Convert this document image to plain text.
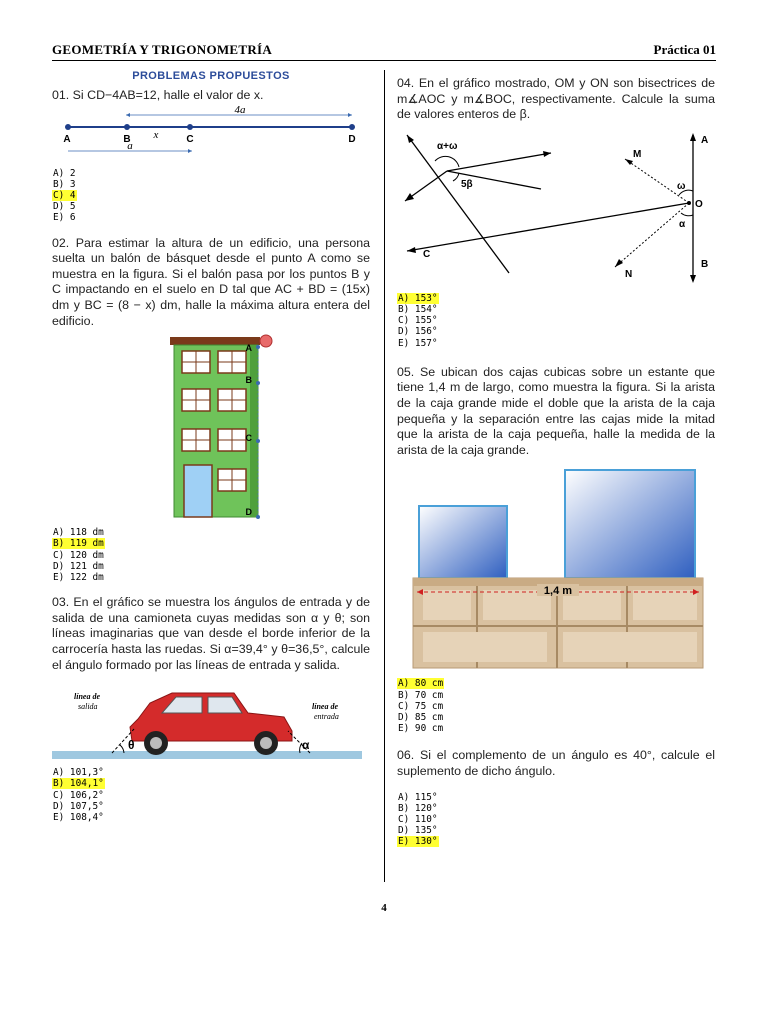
GEOMETRÍA Y TRIGONOMETRÍA	Práctica 01
PROBLEMAS PROPUESTOS

01. Si CD−4AB=12, halle el valor de x.

4a
A	B	C	D
x
a
A) 2
B) 3
C) 4
D) 5
E) 6

02. Para estimar la altura de un edificio, una persona suelta un balón de básquet desde el punto A como se muestra en la figura. Si el balón pasa por los puntos B y C impactando en el suelo en D tal que AC + BD = (15x) dm y BC = (8 − x) dm, halle la máxima altura entera del edificio.

A
B
C
D
A) 118 dm
B) 119 dm
C) 120 dm
D) 121 dm
E) 122 dm

03. En el gráfico se muestra los ángulos de entrada y de salida de una camioneta cuyas medidas son α y θ; son líneas imaginarias que van desde el borde inferior de la carrocería hasta las ruedas. Si α=39,4° y θ=36,5°, calcule el ángulo formado por las líneas de entrada y salida.

línea de
salida	línea de
entrada
θ	α
A) 101,3°
B) 104,1°
C) 106,2°
D) 107,5°
E) 108,4°

04. En el gráfico mostrado, OM y ON son bisectrices de m∡AOC y m∡BOC, respectivamente. Calcule la suma de valores enteros de β.

α+ω
5β
A
M
O
C
N
B
ω
α
A) 153°
B) 154°
C) 155°
D) 156°
E) 157°

05. Se ubican dos cajas cubicas sobre un estante que tiene 1,4 m de largo, como muestra la figura. Si la arista de la caja grande mide el doble que la arista de la caja pequeña y la separación entre las cajas mide la mitad que la arista de la caja pequeña, halle la medida de la arista de la caja grande.

1,4 m
A) 80 cm
B) 70 cm
C) 75 cm
D) 85 cm
E) 90 cm

06. Si el complemento de un ángulo es 40°, calcule el suplemento de dicho ángulo.

A) 115°
B) 120°
C) 110°
D) 135°
E) 130°
4
